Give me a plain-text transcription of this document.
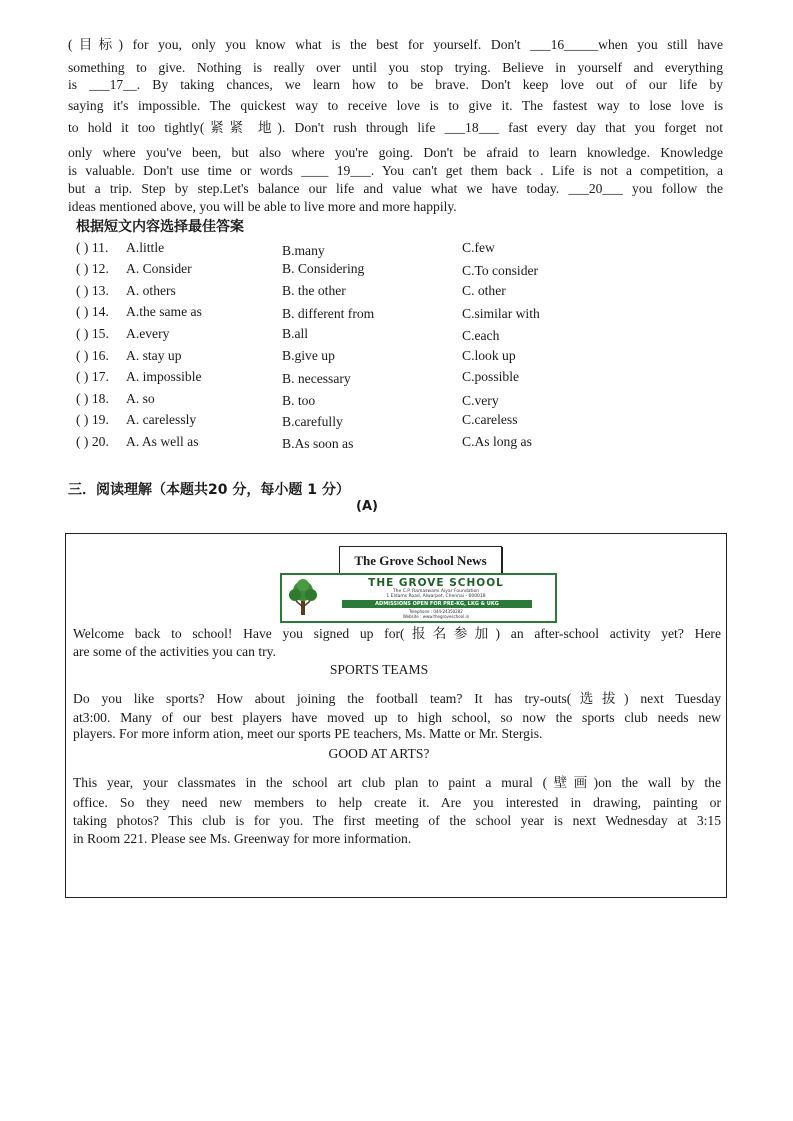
(目标) for you, only you know what is the best for yourself. Don't ___16_____when you still have
something to give. Nothing is really over until you stop trying. Believe in yourself and everything
is ___17__. By taking chances, we learn how to be brave. Don't keep love out of our life by
saying it's impossible. The quickest way to receive love is to give it. The fastest way to lose love is
to hold it too tightly(紧紧 地). Don't rush through life ___18___ fast every day that you forget not
only where you've been, but also where you're going. Don't be afraid to learn knowledge. Knowledge
is valuable. Don't use time or words ____ 19___. You can't get them back . Life is not a competition, a
but a trip. Step by step.Let's balance our life and value what we have today. ___20___ you follow the
ideas mentioned above, you will be able to live more and more happily.
根据短文内容选择最佳答案
( ) 11. A.little	B.many	C.few
( ) 12. A. Consider	B. Considering	C.To consider
( ) 13. A. others	B. the other	C. other
( ) 14. A.the same as	B. different from	C.similar with
( ) 15. A.every	B.all	C.each
( ) 16. A. stay up	B.give up	C.look up
( ) 17. A. impossible	B. necessary	C.possible
( ) 18. A. so	B. too	C.very
( ) 19. A. carelessly	B.carefully	C.careless
( ) 20. A. As well as	B.As soon as	C.As long as
三．阅读理解（本题共20 分，每小题 1 分）
(A)
The Grove School News
THE GROVE SCHOOL
The C.P. Ramaswami Aiyar Foundation
1 Eldams Road, Alwarpet, Chennai - 600018
ADMISSIONS OPEN FOR PRE-KG, LKG & UKG
Telephone : 044-24350282
Website : www.thegroveschool.in
Welcome back to school! Have you signed up for(报名参加) an after-school activity yet? Here
are some of the activities you can try.
SPORTS TEAMS
Do you like sports? How about joining the football team? It has try-outs(选拔) next Tuesday
at3:00. Many of our best players have moved up to high school, so now the sports club needs new
players. For more inform ation, meet our sports PE teachers, Ms. Matte or Mr. Stergis.
GOOD AT ARTS?
This year, your classmates in the school art club plan to paint a mural (壁画)on the wall by the
office. So they need new members to help create it. Are you interested in drawing, painting or
taking photos? This club is for you. The first meeting of the school year is next Wednesday at 3:15
in Room 221. Please see Ms. Greenway for more information.
